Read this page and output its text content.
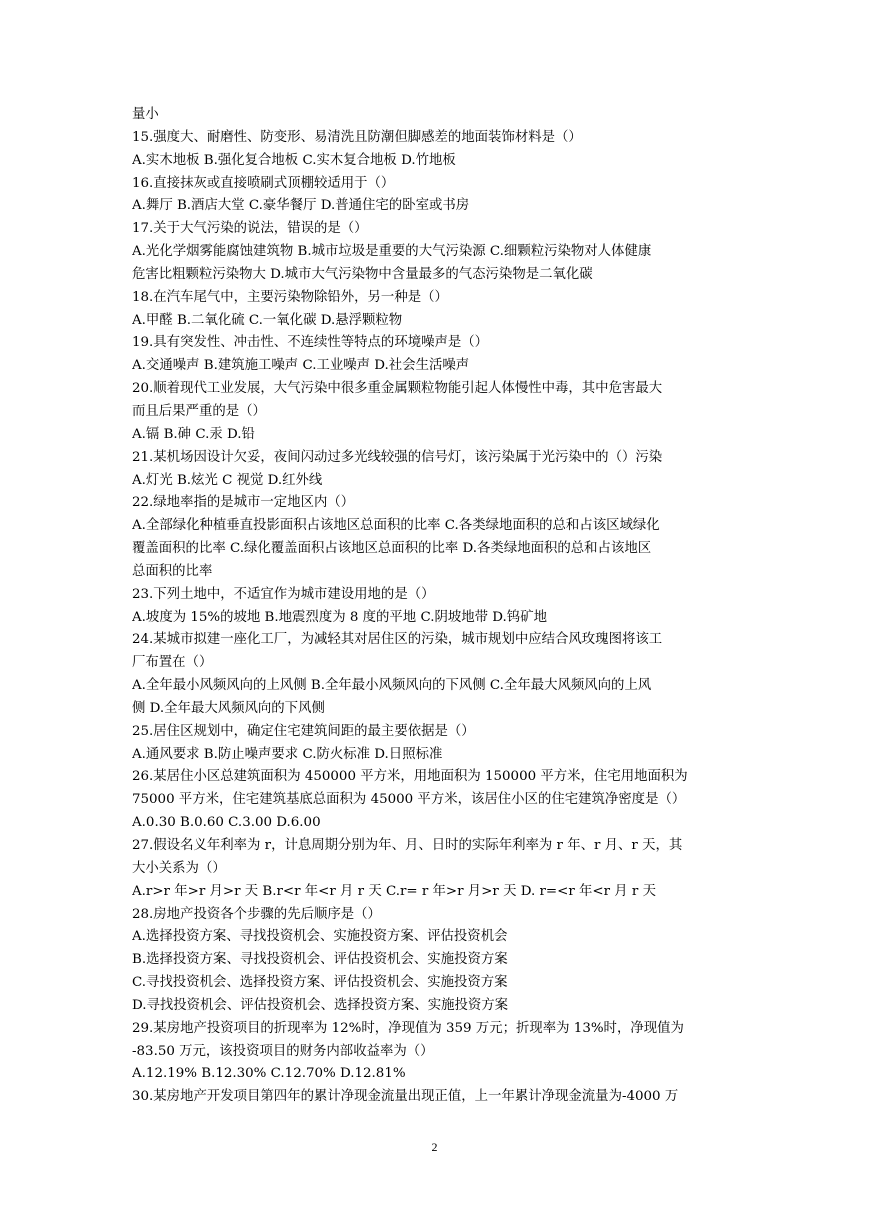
量小
15.强度大、耐磨性、防变形、易清洗且防潮但脚感差的地面装饰材料是（）
A.实木地板 B.强化复合地板 C.实木复合地板 D.竹地板
16.直接抹灰或直接喷刷式顶棚较适用于（）
A.舞厅 B.酒店大堂 C.豪华餐厅 D.普通住宅的卧室或书房
17.关于大气污染的说法，错误的是（）
A.光化学烟雾能腐蚀建筑物 B.城市垃圾是重要的大气污染源 C.细颗粒污染物对人体健康
危害比粗颗粒污染物大 D.城市大气污染物中含量最多的气态污染物是二氧化碳
18.在汽车尾气中，主要污染物除铅外，另一种是（）
A.甲醛 B.二氧化硫 C.一氧化碳 D.悬浮颗粒物
19.具有突发性、冲击性、不连续性等特点的环境噪声是（）
A.交通噪声 B.建筑施工噪声 C.工业噪声 D.社会生活噪声
20.顺着现代工业发展，大气污染中很多重金属颗粒物能引起人体慢性中毒，其中危害最大
而且后果严重的是（）
A.镉 B.砷 C.汞 D.铅
21.某机场因设计欠妥，夜间闪动过多光线较强的信号灯，该污染属于光污染中的（）污染
A.灯光 B.炫光 C 视觉 D.红外线
22.绿地率指的是城市一定地区内（）
A.全部绿化种植垂直投影面积占该地区总面积的比率 C.各类绿地面积的总和占该区域绿化
覆盖面积的比率 C.绿化覆盖面积占该地区总面积的比率 D.各类绿地面积的总和占该地区
总面积的比率
23.下列土地中，不适宜作为城市建设用地的是（）
A.坡度为 15%的坡地 B.地震烈度为 8 度的平地 C.阴坡地带 D.钨矿地
24.某城市拟建一座化工厂，为减轻其对居住区的污染，城市规划中应结合风玫瑰图将该工
厂布置在（）
A.全年最小风频风向的上风侧 B.全年最小风频风向的下风侧 C.全年最大风频风向的上风
侧 D.全年最大风频风向的下风侧
25.居住区规划中，确定住宅建筑间距的最主要依据是（）
A.通风要求 B.防止噪声要求 C.防火标准 D.日照标准
26.某居住小区总建筑面积为 450000 平方米，用地面积为 150000 平方米，住宅用地面积为
75000 平方米，住宅建筑基底总面积为 45000 平方米，该居住小区的住宅建筑净密度是（）
A.0.30 B.0.60 C.3.00 D.6.00
27.假设名义年利率为 r，计息周期分别为年、月、日时的实际年利率为 r 年、r 月、r 天，其
大小关系为（）
A.r>r 年>r 月>r 天 B.r<r 年<r 月 r 天 C.r= r 年>r 月>r 天 D. r=<r 年<r 月 r 天
28.房地产投资各个步骤的先后顺序是（）
A.选择投资方案、寻找投资机会、实施投资方案、评估投资机会
B.选择投资方案、寻找投资机会、评估投资机会、实施投资方案
C.寻找投资机会、选择投资方案、评估投资机会、实施投资方案
D.寻找投资机会、评估投资机会、选择投资方案、实施投资方案
29.某房地产投资项目的折现率为 12%时，净现值为 359 万元；折现率为 13%时，净现值为
-83.50 万元，该投资项目的财务内部收益率为（）
A.12.19% B.12.30% C.12.70% D.12.81%
30.某房地产开发项目第四年的累计净现金流量出现正值，上一年累计净现金流量为-4000 万
2
